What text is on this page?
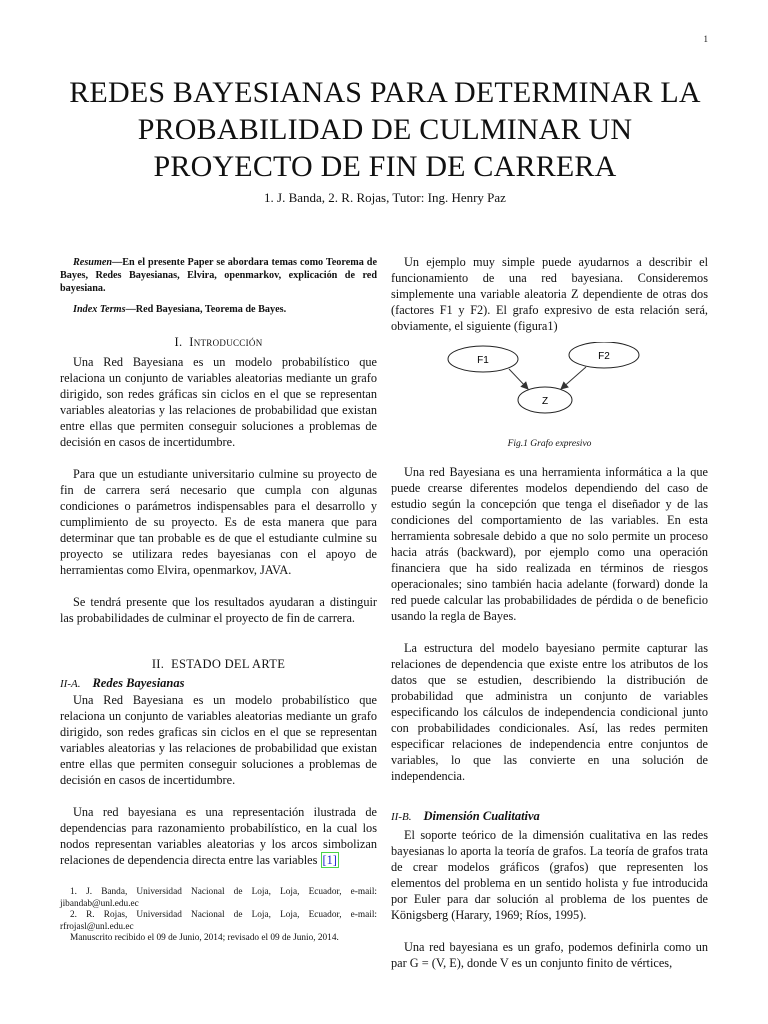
1
REDES BAYESIANAS PARA DETERMINAR LA
PROBABILIDAD DE CULMINAR UN
PROYECTO DE FIN DE CARRERA
1. J. Banda, 2. R. Rojas, Tutor: Ing. Henry Paz

Resumen—En el presente Paper se abordara temas como Teorema de Bayes, Redes Bayesianas, Elvira, openmarkov, explicación de red bayesiana.

Index Terms—Red Bayesiana, Teorema de Bayes.

I. Introducción

Una Red Bayesiana es un modelo probabilístico que relaciona un conjunto de variables aleatorias mediante un grafo dirigido, son redes gráficas sin ciclos en el que se representan variables aleatorias y las relaciones de probabilidad que existan entre ellas que permiten conseguir soluciones a problemas de decisión en casos de incertidumbre.

Para que un estudiante universitario culmine su proyecto de fin de carrera será necesario que cumpla con algunas condiciones o parámetros indispensables para el desarrollo y cumplimiento de su proyecto. Es de esta manera que para determinar que tan probable es de que el estudiante culmine su proyecto se utilizara redes bayesianas con el apoyo de herramientas como Elvira, openmarkov, JAVA.

Se tendrá presente que los resultados ayudaran a distinguir las probabilidades de culminar el proyecto de fin de carrera.

II. ESTADO DEL ARTE

II-A. Redes Bayesianas

Una Red Bayesiana es un modelo probabilístico que relaciona un conjunto de variables aleatorias mediante un grafo dirigido, son redes graficas sin ciclos en el que se representan variables aleatorias y las relaciones de probabilidad que existan entre ellas que permiten conseguir soluciones a problemas de decisión en casos de incertidumbre.

Una red bayesiana es una representación ilustrada de dependencias para razonamiento probabilístico, en la cual los nodos representan variables aleatorias y los arcos simbolizan relaciones de dependencia directa entre las variables [1]

1. J. Banda, Universidad Nacional de Loja, Loja, Ecuador, e-mail: jibandab@unl.edu.ec

2. R. Rojas, Universidad Nacional de Loja, Loja, Ecuador, e-mail: rfrojasl@unl.edu.ec

Manuscrito recibido el 09 de Junio, 2014; revisado el 09 de Junio, 2014.

Un ejemplo muy simple puede ayudarnos a describir el funcionamiento de una red bayesiana. Consideremos simplemente una variable aleatoria Z dependiente de otras dos (factores F1 y F2). El grafo expresivo de esta relación será, obviamente, el siguiente (figura1)

F1	F2
Z

Fig.1 Grafo expresivo

Una red Bayesiana es una herramienta informática a la que puede crearse diferentes modelos dependiendo del caso de estudio según la concepción que tenga el diseñador y de las condiciones del comportamiento de las variables. En esta herramienta sobresale debido a que no solo permite un proceso hacia atrás (backward), por ejemplo como una operación financiera que ha sido realizada en términos de riesgos operacionales; sino también hacia adelante (forward) donde la red puede calcular las probabilidades de pérdida o de beneficio usando la regla de Bayes.

La estructura del modelo bayesiano permite capturar las relaciones de dependencia que existe entre los atributos de los datos que se estudien, describiendo la distribución de probabilidad que administra un conjunto de variables especificando los cálculos de independencia condicional junto con probabilidades condicionales. Así, las redes permiten especificar relaciones de independencia entre conjuntos de variables, lo que las convierte en una solución de independencia.

II-B. Dimensión Cualitativa

El soporte teórico de la dimensión cualitativa en las redes bayesianas lo aporta la teoría de grafos. La teoría de grafos trata de crear modelos gráficos (grafos) que representen los elementos del problema en un sentido holista y fue introducida por Euler para dar solución al problema de los puentes de Königsberg (Harary, 1969; Ríos, 1995).

Una red bayesiana es un grafo, podemos definirla como un par G = (V, E), donde V es un conjunto finito de vértices,
